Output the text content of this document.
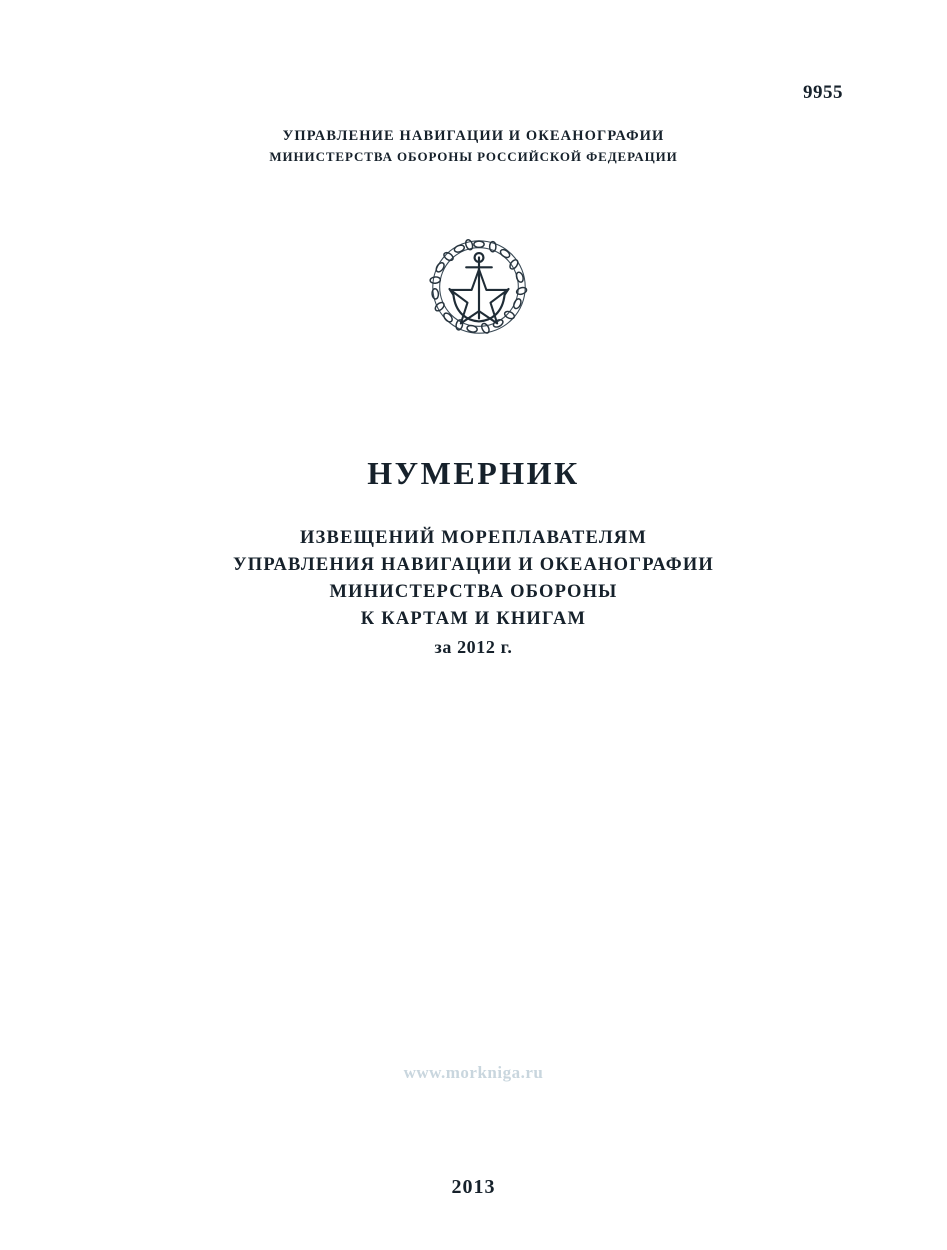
9955
УПРАВЛЕНИЕ НАВИГАЦИИ И ОКЕАНОГРАФИИ
МИНИСТЕРСТВА ОБОРОНЫ РОССИЙСКОЙ ФЕДЕРАЦИИ
НУМЕРНИК
ИЗВЕЩЕНИЙ МОРЕПЛАВАТЕЛЯМ
УПРАВЛЕНИЯ НАВИГАЦИИ И ОКЕАНОГРАФИИ
МИНИСТЕРСТВА ОБОРОНЫ
К КАРТАМ И КНИГАМ
за 2012 г.
www.morkniga.ru
2013
